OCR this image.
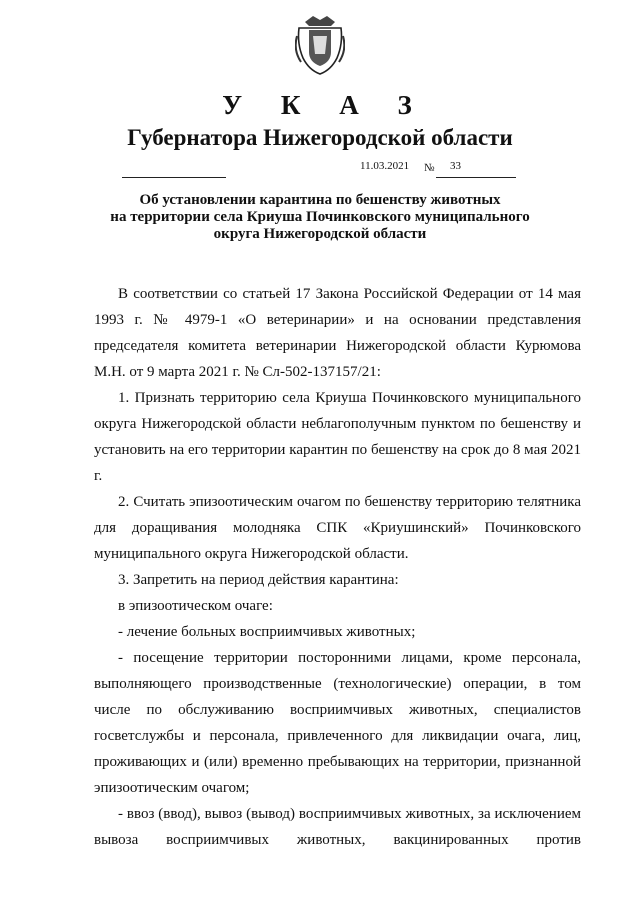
У К А З
Губернатора Нижегородской области
11.03.2021 № 33
Об установлении карантина по бешенству животных
на территории села Криуша Починковского муниципального
округа Нижегородской области
В соответствии со статьей 17 Закона Российской Федерации от 14 мая 1993 г. № 4979-1 «О ветеринарии» и на основании представления председателя комитета ветеринарии Нижегородской области Курюмова М.Н. от 9 марта 2021 г. № Сл-502-137157/21:
1. Признать территорию села Криуша Починковского муниципального округа Нижегородской области неблагополучным пунктом по бешенству и установить на его территории карантин по бешенству на срок до 8 мая 2021 г.
2. Считать эпизоотическим очагом по бешенству территорию телятника для доращивания молодняка СПК «Криушинский» Починковского муниципального округа Нижегородской области.
3. Запретить на период действия карантина:
в эпизоотическом очаге:
- лечение больных восприимчивых животных;
- посещение территории посторонними лицами, кроме персонала, выполняющего производственные (технологические) операции, в том числе по обслуживанию восприимчивых животных, специалистов госветслужбы и персонала, привлеченного для ликвидации очага, лиц, проживающих и (или) временно пребывающих на территории, признанной эпизоотическим очагом;
- ввоз (ввод), вывоз (вывод) восприимчивых животных, за исключением вывоза восприимчивых животных, вакцинированных против
